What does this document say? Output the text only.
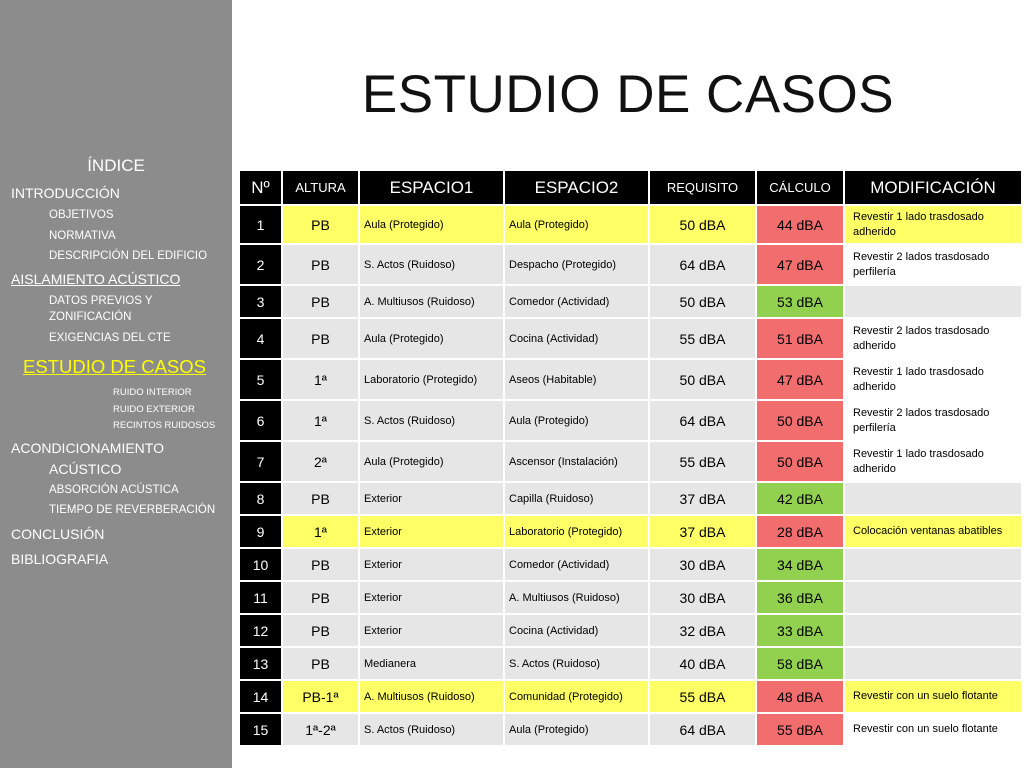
ÍNDICE
INTRODUCCIÓN
OBJETIVOS
NORMATIVA
DESCRIPCIÓN DEL EDIFICIO
AISLAMIENTO ACÚSTICO
DATOS PREVIOS Y
ZONIFICACIÓN
EXIGENCIAS DEL CTE
ESTUDIO DE CASOS
RUIDO INTERIOR
RUIDO EXTERIOR
RECINTOS RUIDOSOS
ACONDICIONAMIENTO
ACÚSTICO
ABSORCIÓN ACÚSTICA
TIEMPO DE REVERBERACIÓN
CONCLUSIÓN
BIBLIOGRAFIA
ESTUDIO DE CASOS
Nº	ALTURA	ESPACIO1	ESPACIO2	REQUISITO	CÁLCULO	MODIFICACIÓN
1	PB	Aula (Protegido)	Aula (Protegido)	50 dBA	44 dBA	Revestir 1 lado trasdosado adherido
2	PB	S. Actos (Ruidoso)	Despacho (Protegido)	64 dBA	47 dBA	Revestir 2 lados trasdosado perfilería
3	PB	A. Multiusos (Ruidoso)	Comedor (Actividad)	50 dBA	53 dBA	
4	PB	Aula (Protegido)	Cocina (Actividad)	55 dBA	51 dBA	Revestir 2 lados trasdosado adherido
5	1ª	Laboratorio (Protegido)	Aseos (Habitable)	50 dBA	47 dBA	Revestir 1 lado trasdosado adherido
6	1ª	S. Actos (Ruidoso)	Aula (Protegido)	64 dBA	50 dBA	Revestir 2 lados trasdosado perfilería
7	2ª	Aula (Protegido)	Ascensor (Instalación)	55 dBA	50 dBA	Revestir 1 lado trasdosado adherido
8	PB	Exterior	Capilla (Ruidoso)	37 dBA	42 dBA	
9	1ª	Exterior	Laboratorio (Protegido)	37 dBA	28 dBA	Colocación ventanas abatibles
10	PB	Exterior	Comedor (Actividad)	30 dBA	34 dBA	
11	PB	Exterior	A. Multiusos (Ruidoso)	30 dBA	36 dBA	
12	PB	Exterior	Cocina (Actividad)	32 dBA	33 dBA	
13	PB	Medianera	S. Actos (Ruidoso)	40 dBA	58 dBA	
14	PB-1ª	A. Multiusos (Ruidoso)	Comunidad (Protegido)	55 dBA	48 dBA	Revestir con un suelo flotante
15	1ª-2ª	S. Actos (Ruidoso)	Aula (Protegido)	64 dBA	55 dBA	Revestir con un suelo flotante
